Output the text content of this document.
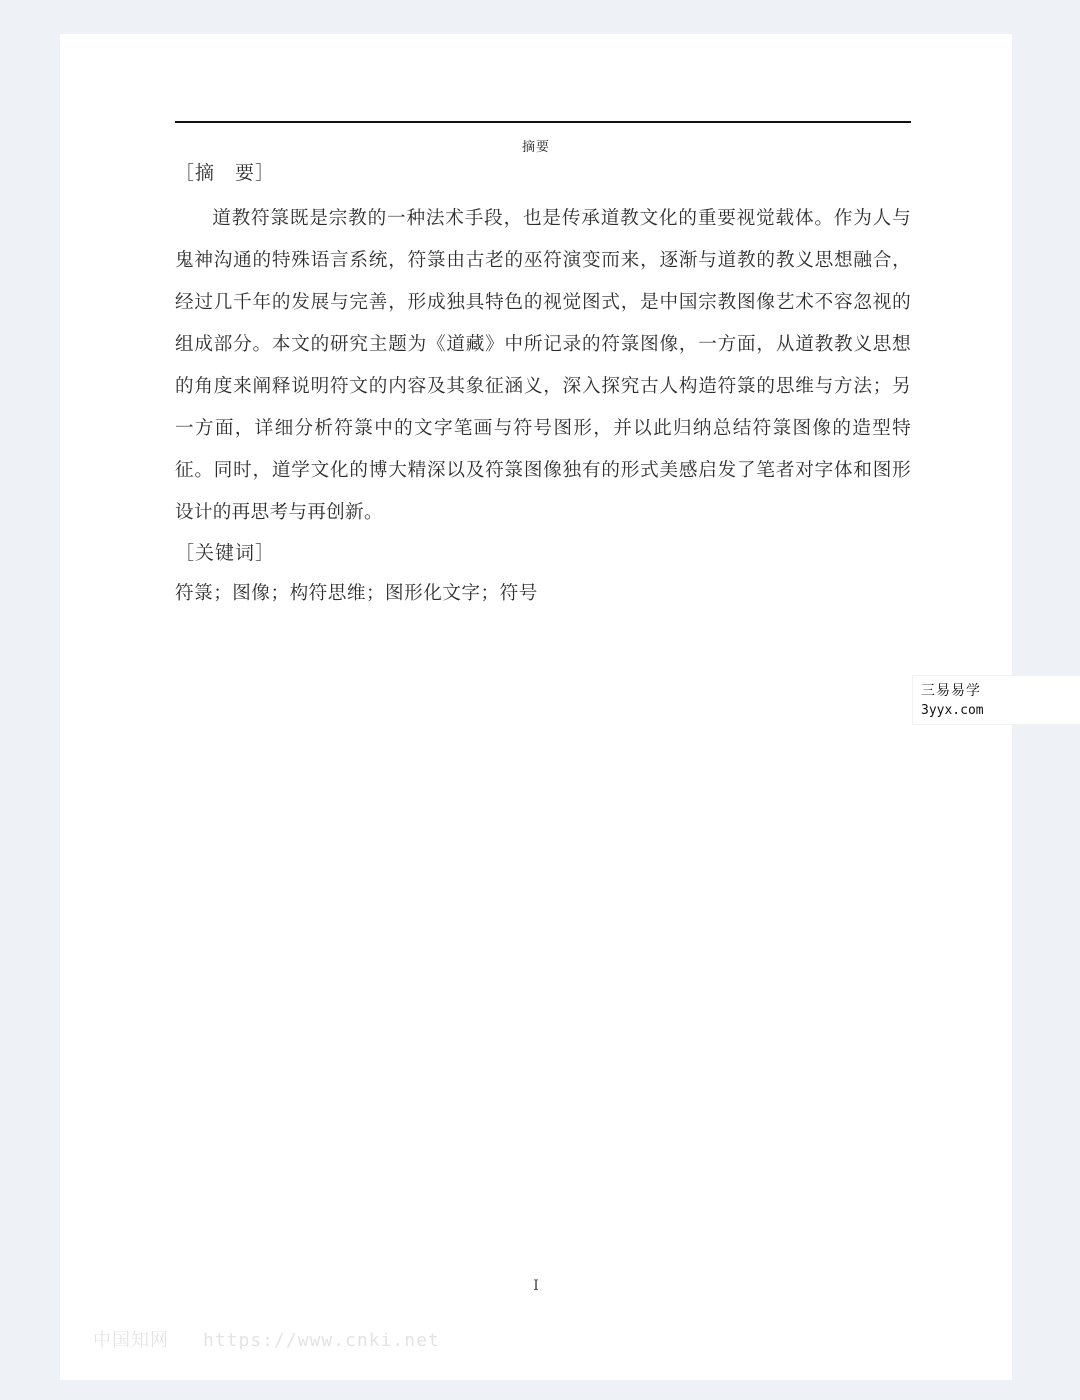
摘要
［摘　要］

道教符箓既是宗教的一种法术手段，也是传承道教文化的重要视觉载体。作为人与鬼神沟通的特殊语言系统，符箓由古老的巫符演变而来，逐渐与道教的教义思想融合，经过几千年的发展与完善，形成独具特色的视觉图式，是中国宗教图像艺术不容忽视的组成部分。本文的研究主题为《道藏》中所记录的符箓图像，一方面，从道教教义思想的角度来阐释说明符文的内容及其象征涵义，深入探究古人构造符箓的思维与方法；另一方面，详细分析符箓中的文字笔画与符号图形，并以此归纳总结符箓图像的造型特征。同时，道学文化的博大精深以及符箓图像独有的形式美感启发了笔者对字体和图形设计的再思考与再创新。

［关键词］

符箓；图像；构符思维；图形化文字；符号

I
中国知网 https://www.cnki.net
三易易学
3yyx.com
